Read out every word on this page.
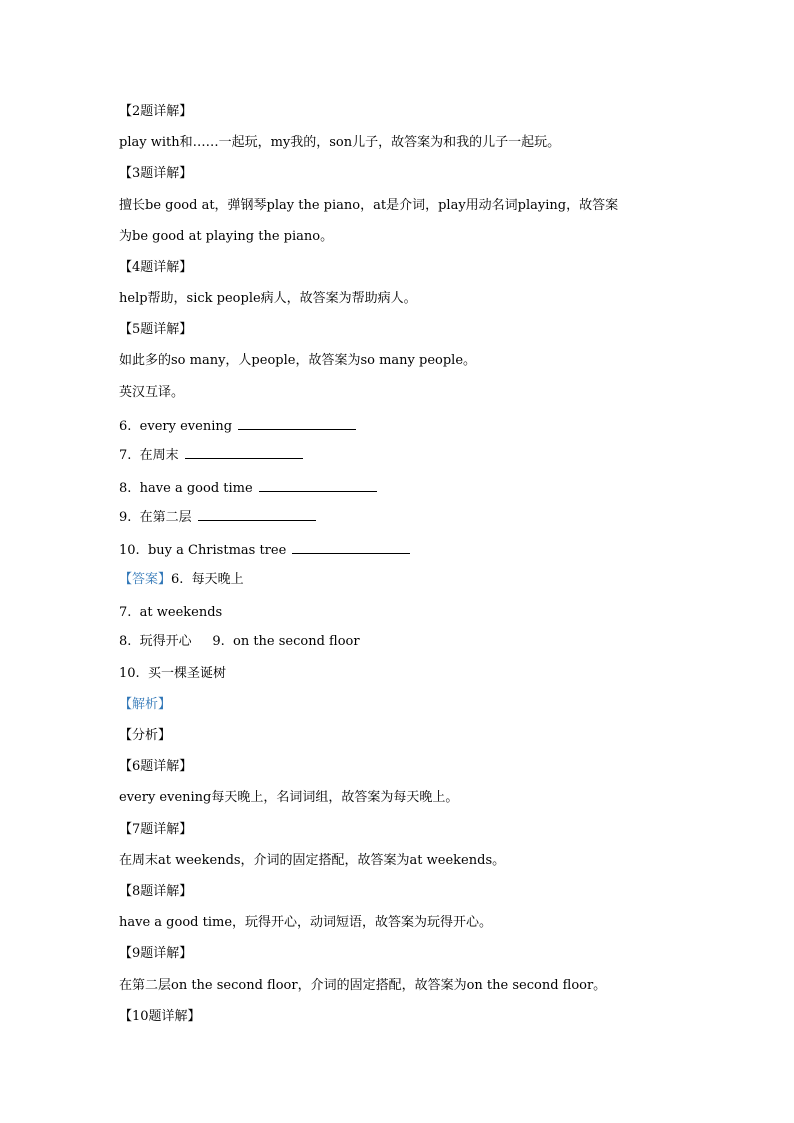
【2题详解】
play with和……一起玩，my我的，son儿子，故答案为和我的儿子一起玩。
【3题详解】
擅长be good at，弹钢琴play the piano，at是介词，play用动名词playing，故答案
为be good at playing the piano。
【4题详解】
help帮助，sick people病人，故答案为帮助病人。
【5题详解】
如此多的so many，人people，故答案为so many people。
英汉互译。
6.  every evening
7.  在周末
8.  have a good time
9.  在第二层
10.  buy a Christmas tree
【答案】6.  每天晚上
7.  at weekends
8.  玩得开心     9.  on the second floor
10.  买一棵圣诞树
【解析】
【分析】
【6题详解】
every evening每天晚上，名词词组，故答案为每天晚上。
【7题详解】
在周末at weekends，介词的固定搭配，故答案为at weekends。
【8题详解】
have a good time，玩得开心，动词短语，故答案为玩得开心。
【9题详解】
在第二层on the second floor，介词的固定搭配，故答案为on the second floor。
【10题详解】
